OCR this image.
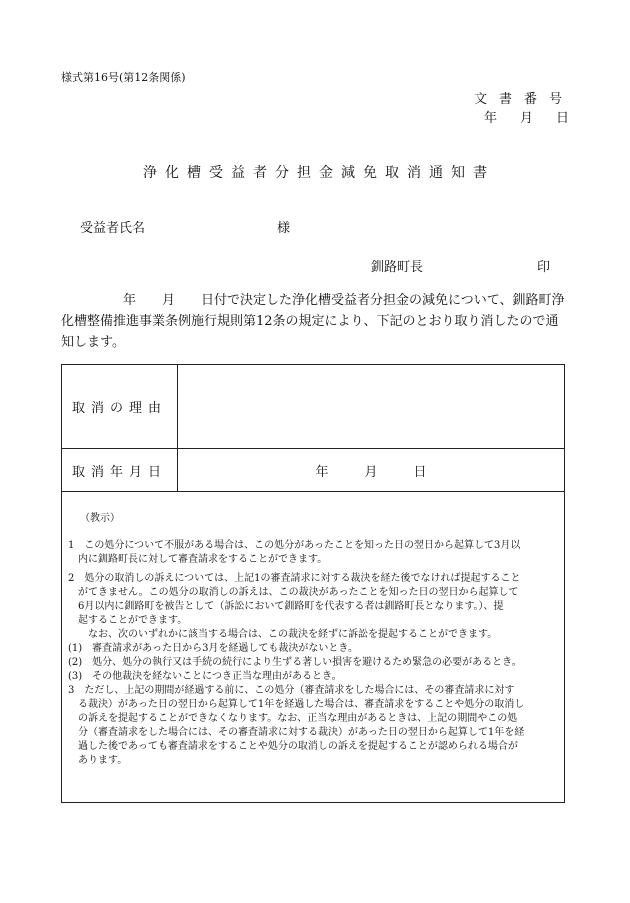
様式第16号(第12条関係)
文書番号
年 月 日
浄化槽受益者分担金減免取消通知書
受益者氏名	様
釧路町長	印
年　　月　　日付で決定した浄化槽受益者分担金の減免について、釧路町浄
化槽整備推進事業条例施行規則第12条の規定により、下記のとおり取り消したので通
知します。
取消の理由
取消年月日	年	月	日
（教示）
1　この処分について不服がある場合は、この処分があったことを知った日の翌日から起算して3月以
　内に釧路町長に対して審査請求をすることができます。
2　処分の取消しの訴えについては、上記1の審査請求に対する裁決を経た後でなければ提起すること
　がてきません。この処分の取消しの訴えは、この裁決があったことを知った日の翌日から起算して
　6月以内に釧路町を被告として（訴訟において釧路町を代表する者は釧路町長となります。）、提
　起することができます。
　　なお、次のいずれかに該当する場合は、この裁決を経ずに訴訟を提起することができます。
(1)　審査請求があった日から3月を経過しても裁決がないとき。
(2)　処分、処分の執行又は手続の続行により生ずる著しい損害を避けるため緊急の必要があるとき。
(3)　その他裁決を経ないことにつき正当な理由があるとき。
3　ただし、上記の期間が経過する前に、この処分（審査請求をした場合には、その審査請求に対す
　る裁決）があった日の翌日から起算して1年を経過した場合は、審査請求をすることや処分の取消し
　の訴えを提起することができなくなります。なお、正当な理由があるときは、上記の期間やこの処
　分（審査請求をした場合には、その審査請求に対する裁決）があった日の翌日から起算して1年を経
　過した後であっても審査請求をすることや処分の取消しの訴えを提起することが認められる場合が
　あります。
